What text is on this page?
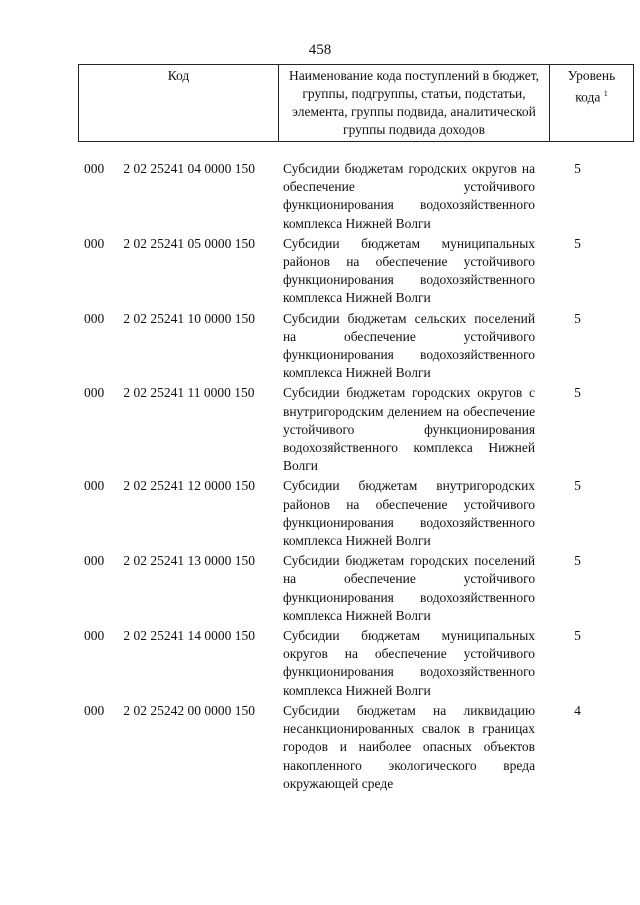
458
Код	Наименование кода поступлений в бюджет, группы, подгруппы, статьи, подстатьи, элемента, группы подвида, аналитической группы подвида доходов	Уровень
кода $^1$
000	2 02 25241 04 0000 150	Субсидии бюджетам городских округов на обеспечение устойчивого функционирования водохозяйственного комплекса Нижней Волги
5
000	2 02 25241 05 0000 150	Субсидии бюджетам муниципальных районов на обеспечение устойчивого функционирования водохозяйственного комплекса Нижней Волги
5
000	2 02 25241 10 0000 150	Субсидии бюджетам сельских поселений на обеспечение устойчивого функционирования водохозяйственного комплекса Нижней Волги
5
000	2 02 25241 11 0000 150	Субсидии бюджетам городских округов с внутригородским делением на обеспечение устойчивого функционирования водохозяйственного комплекса Нижней Волги
5
000	2 02 25241 12 0000 150	Субсидии бюджетам внутригородских районов на обеспечение устойчивого функционирования водохозяйственного комплекса Нижней Волги
5
000	2 02 25241 13 0000 150	Субсидии бюджетам городских поселений на обеспечение устойчивого функционирования водохозяйственного комплекса Нижней Волги
5
000	2 02 25241 14 0000 150	Субсидии бюджетам муниципальных округов на обеспечение устойчивого функционирования водохозяйственного комплекса Нижней Волги
5
000	2 02 25242 00 0000 150	Субсидии бюджетам на ликвидацию несанкционированных свалок в границах городов и наиболее опасных объектов накопленного экологического вреда окружающей среде
4
